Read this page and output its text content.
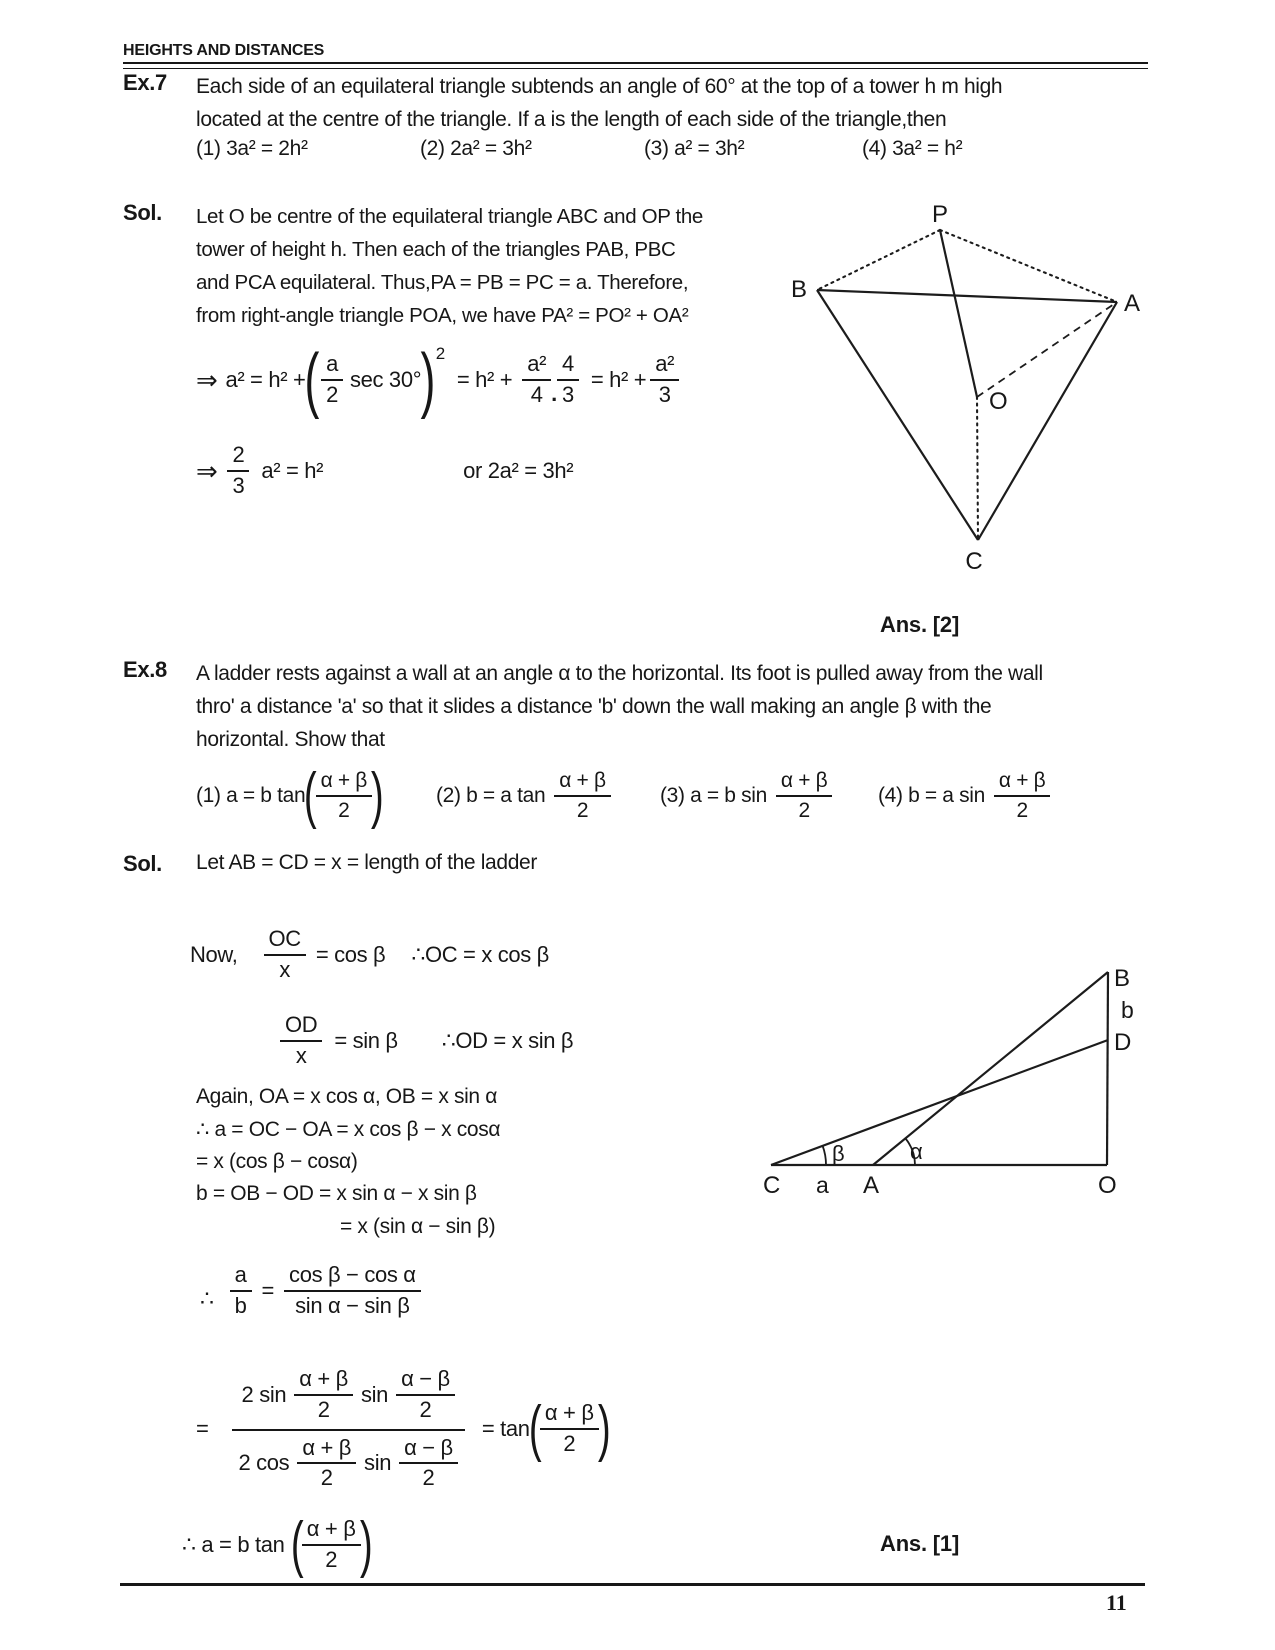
HEIGHTS AND DISTANCES
Ex.7 Each side of an equilateral triangle subtends an angle of 60° at the top of a tower h m high
located at the centre of the triangle. If a is the length of each side of the triangle,then
(1) 3a² = 2h²	(2) 2a² = 3h²	(3) a² = 3h²	(4) 3a² = h²
Sol. Let O be centre of the equilateral triangle ABC and OP the
tower of height h. Then each of the triangles PAB, PBC
and PCA equilateral. Thus,PA = PB = PC = a. Therefore,
from right-angle triangle POA, we have PA² = PO² + OA²
⇒ a² = h² + ( $\frac{a}{2}$ sec 30° ) 2
= $h^2 + \frac{\text{a²}}{4}$ . $\frac{4}{3} = h^2 + \frac{\text{a²}}{3}$
⇒ $\frac{2}{3} a^2 = h^2$	or 2a² = 3h²
P
B
A
O
C
Ans. [2]
Ex.8 A ladder rests against a wall at an angle α to the horizontal. Its foot is pulled away from the wall
thro' a distance 'a' so that it slides a distance 'b' down the wall making an angle β with the
horizontal. Show that
(1) a = b tan
(
$\frac{\alpha + \beta}{2}$
)	(2) b = a $\tan \frac{\alpha + \beta}{2} (3) a = b$ $\sin \frac{\alpha + \beta}{2} (4) b = a$ $\sin \frac{\alpha + \beta}{2}$
Sol. Let AB = CD = x = length of the ladder
Now, $\frac{OC}{x} = \cos \beta$ ∴OC = x cos β
$\frac{OD}{x} = \sin \beta$ ∴OD = x sin β
Again, OA = x cos α, OB = x sin α
∴ a = OC − OA = x cos β − x cosα
= x (cos β − cosα)
b = OB − OD = x sin α − x sin β
= x (sin α − sin β)
∴ $\frac{a}{b} = \frac{\text{cos β − cos α}}{\text{sin α − sin β}}$
=
2 $\sin \frac{\alpha + \beta}{2}$ $\sin \frac{\alpha - \beta}{2}$
2 $\cos \frac{\alpha + \beta}{2}$ $\sin \frac{\alpha - \beta}{2}$
= tan
(
$\frac{\alpha + \beta}{2}$
)
∴ a = b tan (
$\frac{\alpha + \beta}{2}$
)	Ans. [1]
B
b
D
C a A	O
β	α
11
